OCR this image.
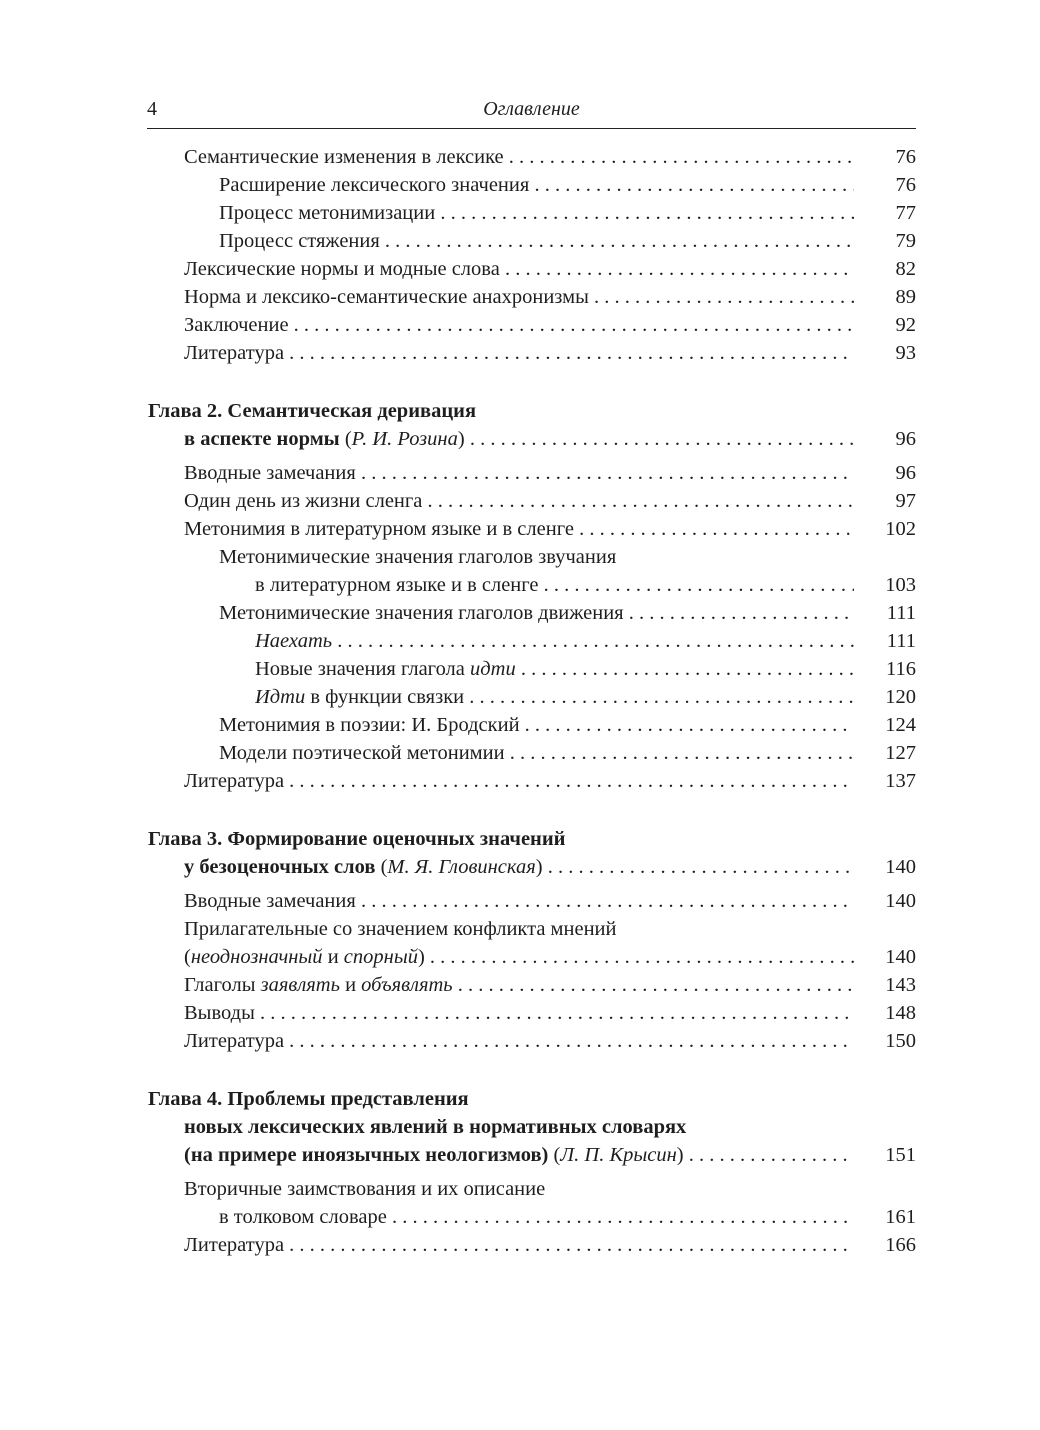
4	Оглавление
Семантические изменения в лексике . . .	76
Расширение лексического значения . . .	76
Процесс метонимизации . . .	77
Процесс стяжения . . .	79
Лексические нормы и модные слова . . .	82
Норма и лексико-семантические анахронизмы . . .	89
Заключение . . .	92
Литература . . .	93
Глава 2. Семантическая деривация
в аспекте нормы (Р. И. Розина) . . .	96
Вводные замечания . . .	96
Один день из жизни сленга . . .	97
Метонимия в литературном языке и в сленге . . .	102
Метонимические значения глаголов звучания
в литературном языке и в сленге . . .	103
Метонимические значения глаголов движения . . .	111
Наехать . . .	111
Новые значения глагола идти . . .	116
Идти в функции связки . . .	120
Метонимия в поэзии: И. Бродский . . .	124
Модели поэтической метонимии . . .	127
Литература . . .	137
Глава 3. Формирование оценочных значений
у безоценочных слов (М. Я. Гловинская) . . .	140
Вводные замечания . . .	140
Прилагательные со значением конфликта мнений
(неоднозначный и спорный) . . .	140
Глаголы заявлять и объявлять . . .	143
Выводы . . .	148
Литература . . .	150
Глава 4. Проблемы представления
новых лексических явлений в нормативных словарях
(на примере иноязычных неологизмов) (Л. П. Крысин) . . .	151
Вторичные заимствования и их описание
в толковом словаре . . .	161
Литература . . .	166
